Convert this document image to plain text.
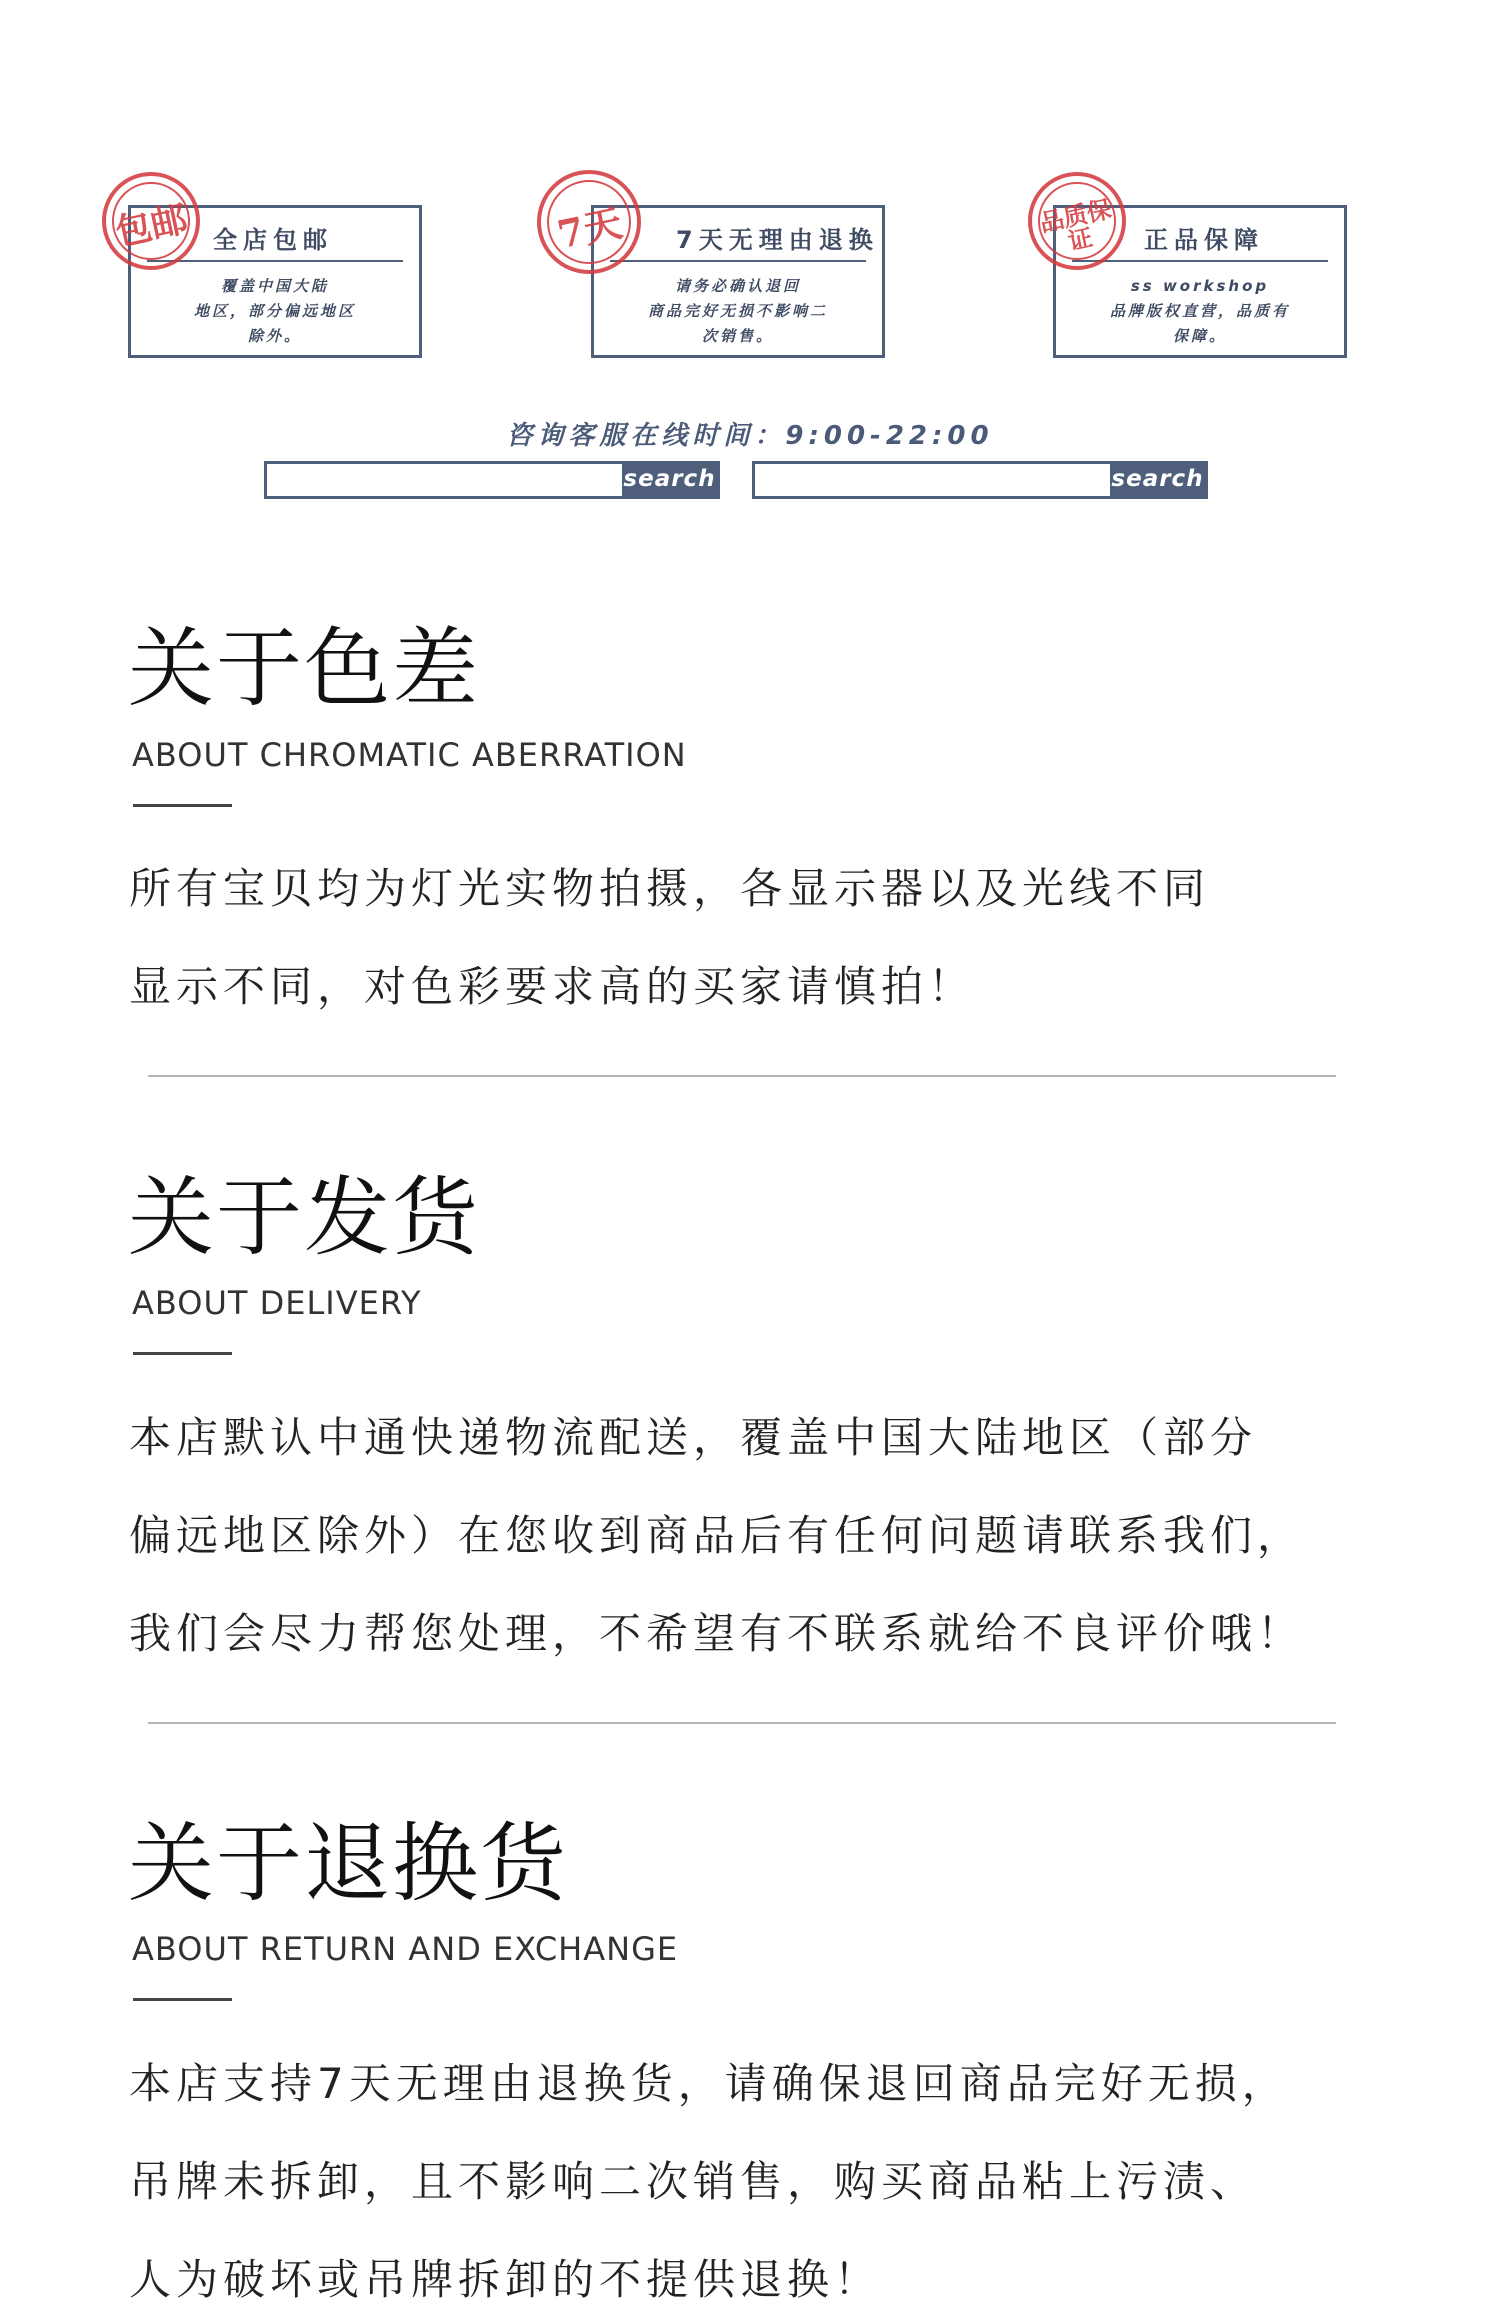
全店包邮
覆盖中国大陆
地区，部分偏远地区
除外。
包邮	7天无理由退换
请务必确认退回
商品完好无损不影响二
次销售。
7天	正品保障
ss workshop
品牌版权直营，品质有
保障。
品质保证
咨询客服在线时间：9:00-22:00
search	search
关于色差
ABOUT CHROMATIC ABERRATION
所有宝贝均为灯光实物拍摄，各显示器以及光线不同
显示不同，对色彩要求高的买家请慎拍！
关于发货
ABOUT DELIVERY
本店默认中通快递物流配送，覆盖中国大陆地区（部分
偏远地区除外）在您收到商品后有任何问题请联系我们，
我们会尽力帮您处理，不希望有不联系就给不良评价哦！
关于退换货
ABOUT RETURN AND EXCHANGE
本店支持7天无理由退换货，请确保退回商品完好无损，
吊牌未拆卸，且不影响二次销售，购买商品粘上污渍、
人为破坏或吊牌拆卸的不提供退换！
